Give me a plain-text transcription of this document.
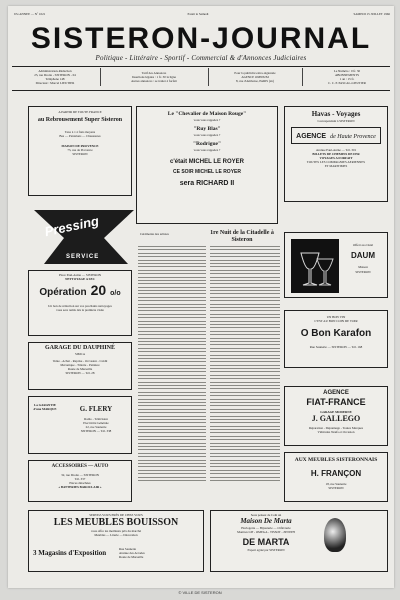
67e ANNEE — Nº 1021	Parait le Samedi	SAMEDI 15 JUILLET 1966
SISTERON-JOURNAL
Politique - Littéraire - Sportif - Commercial & d'Annonces Judiciaires
Administration-Rédaction
25, rue Droite - SISTERON - 04
Téléphone 148
Directeur : Marcel LIEUTIER
Tarif des Annonces
Insertions légales : 1 fr. 30 la ligne
Autres annonces : se traiter à forfait
Pour la publicité extra-régionale
AGENCE OMNIUM
8, rue d'Amboise, PARIS (2e)
Le Numéro : 0 fr. 30
ABONNEMENTS
1 an : 15 fr.
C. C. P. PASCAL-LIEUTIER
A PARTIR DE TOUTE FRANCE
au Rebrousement Super Sisteron
Taxe à 1 à frais moyens
Bas — Pantalons — Chaussures
MAISON DE PROVENCE
73, rue de Provence
SISTERON
Pressing
SERVICE
Place Paul-Arène — SISTERON
NETTOYAGE A SEC
Opération 20 o/o
Un bon de réduction sur vos prochains nettoyages
vous sera remis dès la première visite
GARAGE DU DAUPHINÉ
SIMCA
Vente - Achat - Reprise - Occasion - Crédit
Mécanique - Tôlerie - Peinture
Route de Marseille
SISTERON — Tél. 28
La GARANTIE d'une MARQUE	G. FLERY
Radio - Télévision
Electricité Générale
22, rue Saunerie
SISTERON — Tél. 338
ACCESSOIRES — AUTO
32, rue Droite — SISTERON
Tél. 337
Pièces détachées
« BATTERIES BAROCLAIR »
Le "Chevalier de Maison Rouge"
vous vous rappelez ?
"Ruy Blas"
vous vous rappelez ?
"Rodrigue"
vous vous rappelez ?
c'était MICHEL LE ROYER
CE SOIR MICHEL LE ROYER
sera RICHARD II
Cérémonie des artistes	1re Nuit de la Citadelle à Sisteron
Havas - Voyages
Correspondant à SISTERON
AGENCE de Haute Provence
Avenue Paul-Arène — Tél. 301
BILLETS DE CHEMINS DE FER
VOYAGES A FORFAIT
TOUTES LES COMPAGNIES AERIENNES
ET MARITIMES
Offert au cristal
DAUM
Maison
SISTERON
UN BON VIN
C'EST AU BON COIN DE VOIR
O Bon Karafon
Rue Saunerie — SISTERON — Tél. 168
AGENCE
FIAT-FRANCE
GARAGE MODERNE
J. GALLEGO
Réparation - Dépannage - Toutes Marques
Véhicules Neufs et Occasion
AUX MEUBLES SISTERONNAIS
H. FRANÇON
18, rue Saunerie
SISTERON
SERVEZ-VOUS PRÈS DE CHEZ VOUS
LES MEUBLES BOUISSON
vous offre les meilleurs prix du marché
Meubles — Literie — Décoration
3 Magasins d'Exposition	Rue Saunerie
Avenue des Arcades
Route de Marseille
Sous pensez de Coût un
Maison De Marta
Horlogerie — Bijouterie — Orfèvrerie
Montres LIP - OMEGA - TISSOT - ZENITH
DE MARTA
Expert agréé par SISTERON
© VILLE DE SISTERON
